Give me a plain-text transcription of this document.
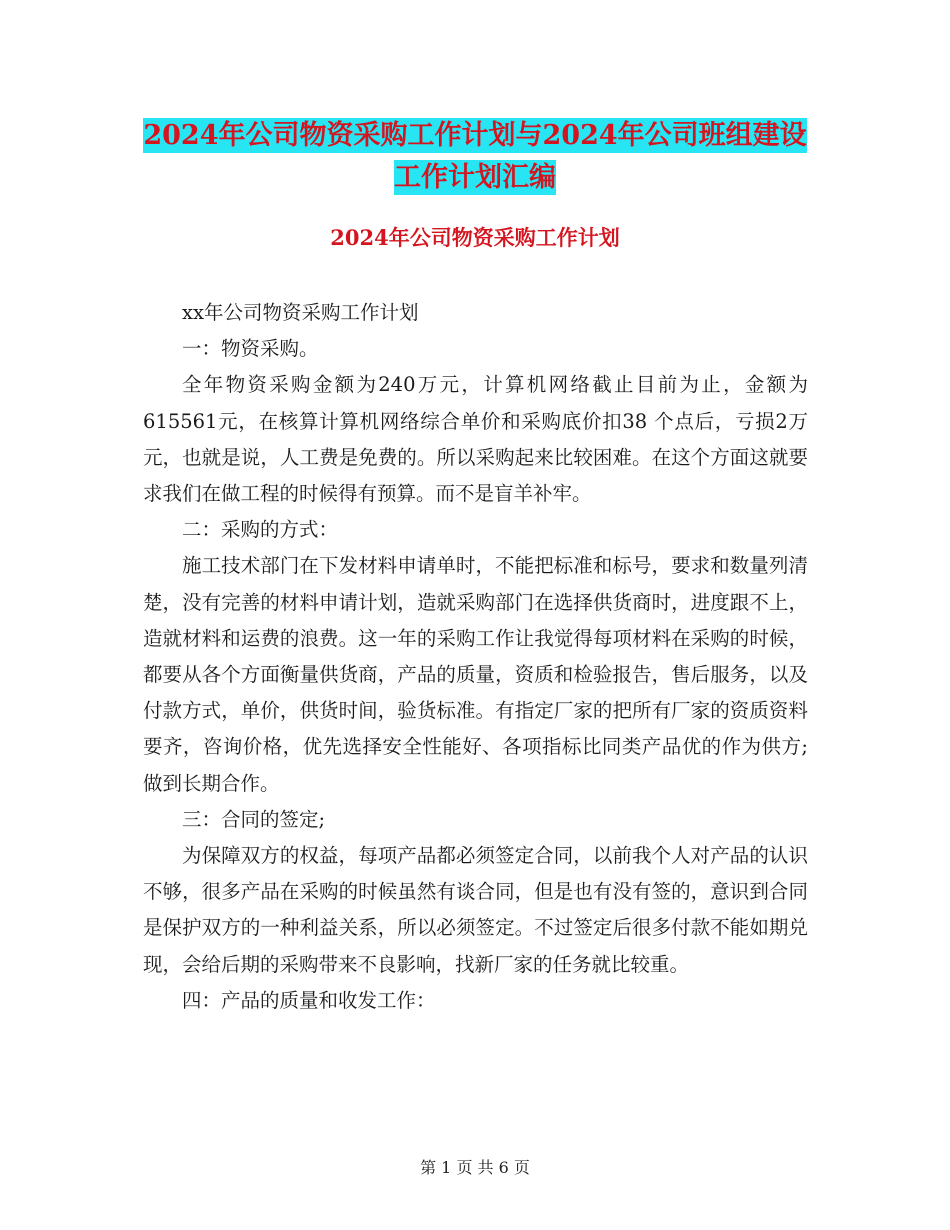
2024年公司物资采购工作计划与2024年公司班组建设
工作计划汇编
2024年公司物资采购工作计划

xx年公司物资采购工作计划

一：物资采购。

全年物资采购金额为240万元，计算机网络截止目前为止，金额为615561元，在核算计算机网络综合单价和采购底价扣38 个点后，亏损2万元，也就是说，人工费是免费的。所以采购起来比较困难。在这个方面这就要求我们在做工程的时候得有预算。而不是盲羊补牢。

二：采购的方式：

施工技术部门在下发材料申请单时，不能把标准和标号，要求和数量列清楚，没有完善的材料申请计划，造就采购部门在选择供货商时，进度跟不上，造就材料和运费的浪费。这一年的采购工作让我觉得每项材料在采购的时候，都要从各个方面衡量供货商，产品的质量，资质和检验报告，售后服务，以及付款方式，单价，供货时间，验货标准。有指定厂家的把所有厂家的资质资料要齐，咨询价格，优先选择安全性能好、各项指标比同类产品优的作为供方;做到长期合作。

三：合同的签定;

为保障双方的权益，每项产品都必须签定合同，以前我个人对产品的认识不够，很多产品在采购的时候虽然有谈合同，但是也有没有签的，意识到合同是保护双方的一种利益关系，所以必须签定。不过签定后很多付款不能如期兑现，会给后期的采购带来不良影响，找新厂家的任务就比较重。

四：产品的质量和收发工作：

第 1 页 共 6 页
